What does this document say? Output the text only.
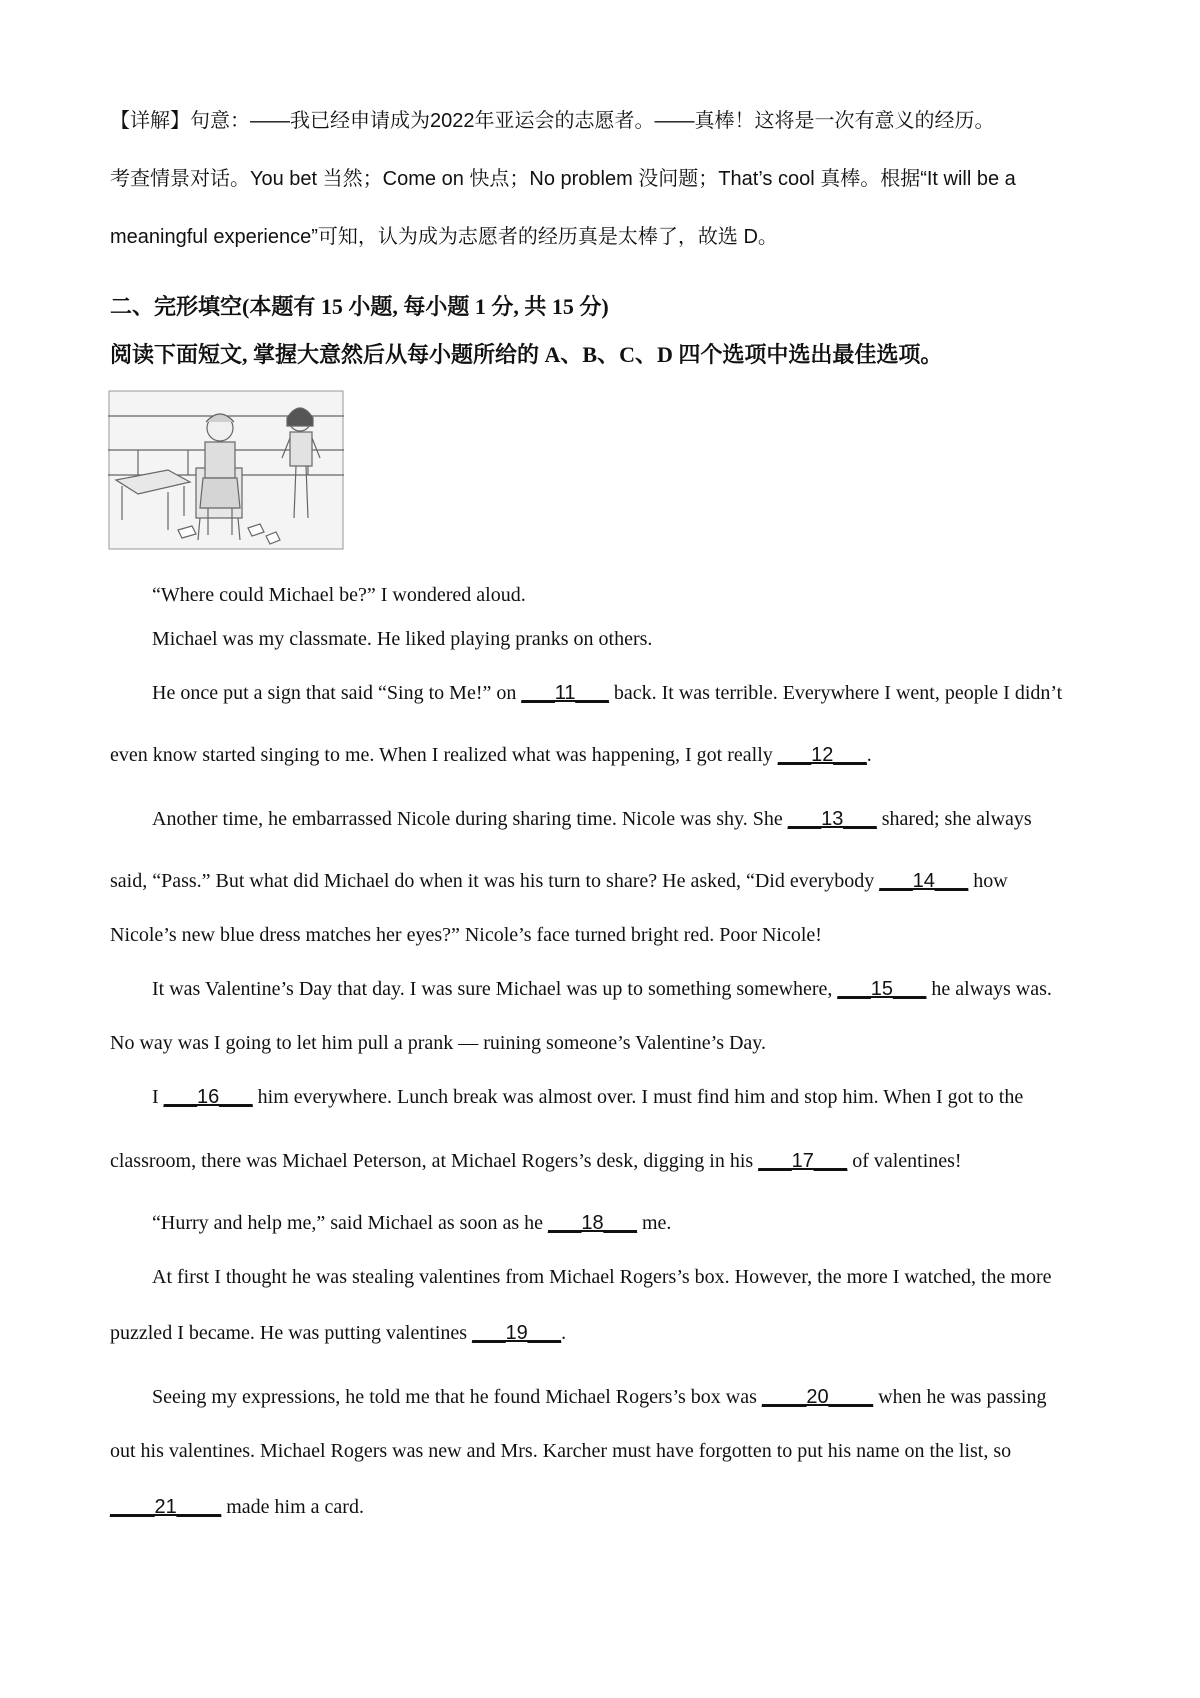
【详解】句意：——我已经申请成为2022年亚运会的志愿者。——真棒！这将是一次有意义的经历。
考查情景对话。You bet 当然；Come on 快点；No problem 没问题；That’s cool 真棒。根据“It will be a
meaningful experience”可知，认为成为志愿者的经历真是太棒了，故选 D。
二、完形填空(本题有 15 小题, 每小题 1 分, 共 15 分)
阅读下面短文, 掌握大意然后从每小题所给的 A、B、C、D 四个选项中选出最佳选项。
“Where could Michael be?” I wondered aloud.
Michael was my classmate. He liked playing pranks on others.
He once put a sign that said “Sing to Me!” on ___11___ back. It was terrible. Everywhere I went, people I didn’t
even know started singing to me. When I realized what was happening, I got really ___12___.
Another time, he embarrassed Nicole during sharing time. Nicole was shy. She ___13___ shared; she always
said, “Pass.” But what did Michael do when it was his turn to share? He asked, “Did everybody ___14___ how
Nicole’s new blue dress matches her eyes?” Nicole’s face turned bright red. Poor Nicole!
It was Valentine’s Day that day. I was sure Michael was up to something somewhere, ___15___ he always was.
No way was I going to let him pull a prank — ruining someone’s Valentine’s Day.
I ___16___ him everywhere. Lunch break was almost over. I must find him and stop him. When I got to the
classroom, there was Michael Peterson, at Michael Rogers’s desk, digging in his ___17___ of valentines!
“Hurry and help me,” said Michael as soon as he ___18___ me.
At first I thought he was stealing valentines from Michael Rogers’s box. However, the more I watched, the more
puzzled I became. He was putting valentines ___19___.
Seeing my expressions, he told me that he found Michael Rogers’s box was ____20____ when he was passing
out his valentines. Michael Rogers was new and Mrs. Karcher must have forgotten to put his name on the list, so
____21____ made him a card.
